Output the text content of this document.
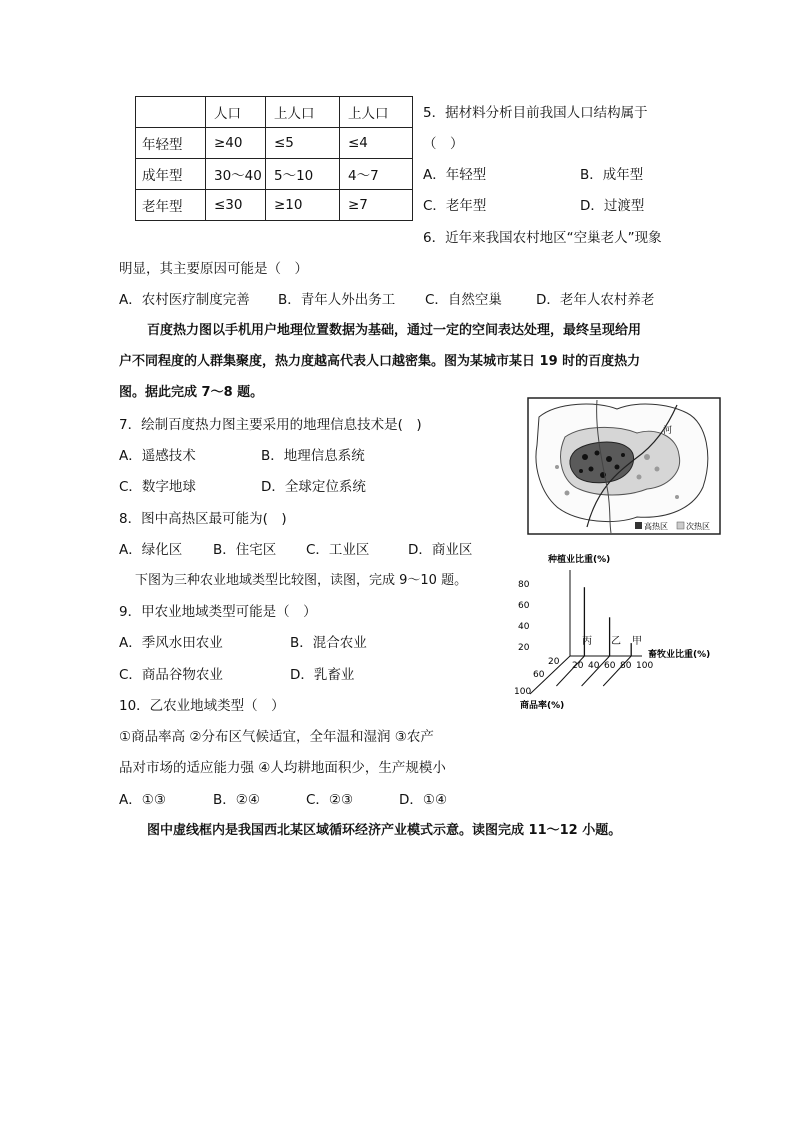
	人口	上人口	上人口
年轻型	≥40	≤5	≤4
成年型	30～40	5～10	4～7
老年型	≤30	≥10	≥7
5．据材料分析目前我国人口结构属于
（　）
A．年轻型	B．成年型
C．老年型	D．过渡型
6．近年来我国农村地区“空巢老人”现象
明显，其主要原因可能是（　）
A．农村医疗制度完善 B．青年人外出务工 C．自然空巢	D．老年人农村养老
百度热力图以手机用户地理位置数据为基础，通过一定的空间表达处理，最终呈现给用
户不同程度的人群集聚度，热力度越高代表人口越密集。图为某城市某日 19 时的百度热力
图。据此完成 7～8 题。
7．绘制百度热力图主要采用的地理信息技术是(　)
A．遥感技术	B．地理信息系统
C．数字地球	D．全球定位系统
8．图中高热区最可能为(　)
A．绿化区 B．住宅区 C．工业区	D．商业区
下图为三种农业地域类型比较图，读图，完成 9～10 题。
9．甲农业地域类型可能是（　）
A．季风水田农业	B．混合农业
C．商品谷物农业	D．乳畜业
10．乙农业地域类型（　）
①商品率高 ②分布区气候适宜，全年温和湿润 ③农产
品对市场的适应能力强 ④人均耕地面积少，生产规模小
A．①③	B．②④	C．②③	D．①④
图中虚线框内是我国西北某区域循环经济产业模式示意。读图完成 11～12 小题。
河
高热区 次热区
种植业比重(%)
80
60
40
20
20 40 60 80 100
畜牧业比重(%)
20
60
100
商品率(%)
丙 乙 甲
